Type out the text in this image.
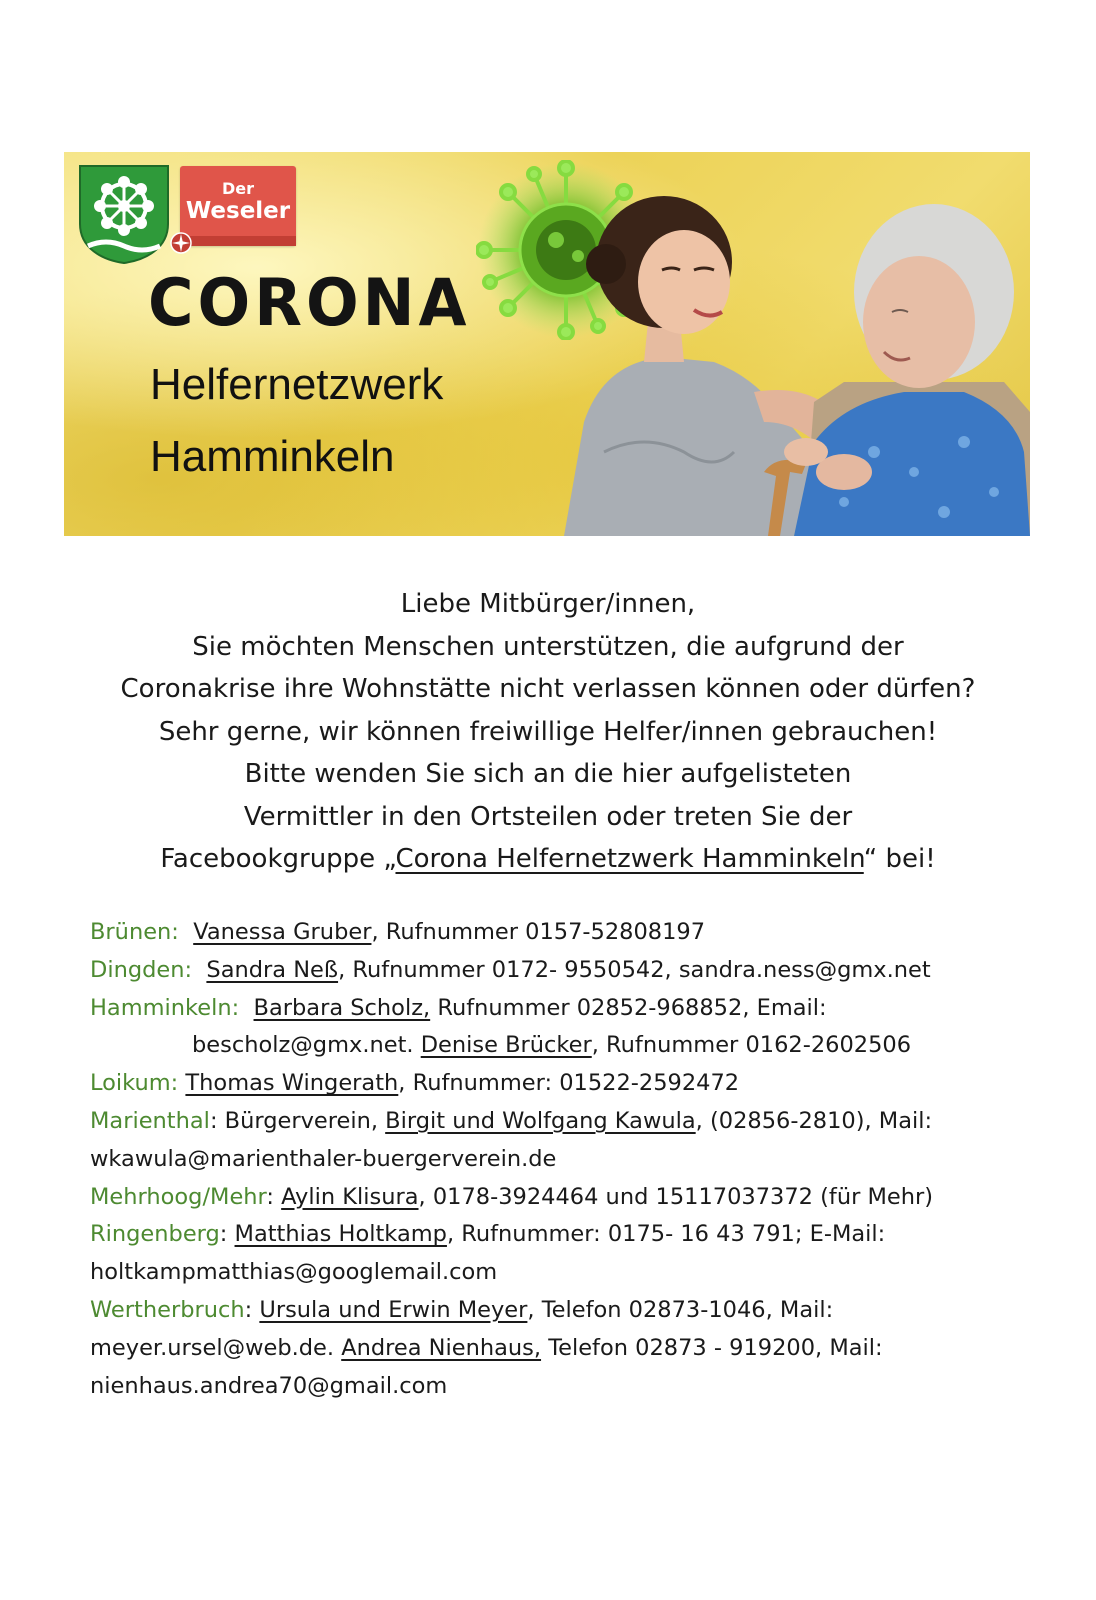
Der
Weseler
CORONA
Helfernetzwerk
Hamminkeln
Liebe Mitbürger/innen,
Sie möchten Menschen unterstützen, die aufgrund der
Coronakrise ihre Wohnstätte nicht verlassen können oder dürfen?
Sehr gerne, wir können freiwillige Helfer/innen gebrauchen!
Bitte wenden Sie sich an die hier aufgelisteten
Vermittler in den Ortsteilen oder treten Sie der
Facebookgruppe „Corona Helfernetzwerk Hamminkeln“ bei!
Brünen: Vanessa Gruber, Rufnummer 0157-52808197
Dingden: Sandra Neß, Rufnummer 0172- 9550542, sandra.ness@gmx.net
Hamminkeln: Barbara Scholz, Rufnummer 02852-968852, Email:
bescholz@gmx.net. Denise Brücker, Rufnummer 0162-2602506
Loikum: Thomas Wingerath, Rufnummer: 01522-2592472
Marienthal: Bürgerverein, Birgit und Wolfgang Kawula, (02856-2810), Mail:
wkawula@marienthaler-buergerverein.de
Mehrhoog/Mehr: Aylin Klisura, 0178-3924464 und 15117037372 (für Mehr)
Ringenberg: Matthias Holtkamp, Rufnummer: 0175- 16 43 791; E-Mail:
holtkampmatthias@googlemail.com
Wertherbruch: Ursula und Erwin Meyer, Telefon 02873-1046, Mail:
meyer.ursel@web.de. Andrea Nienhaus, Telefon 02873 - 919200, Mail:
nienhaus.andrea70@gmail.com
